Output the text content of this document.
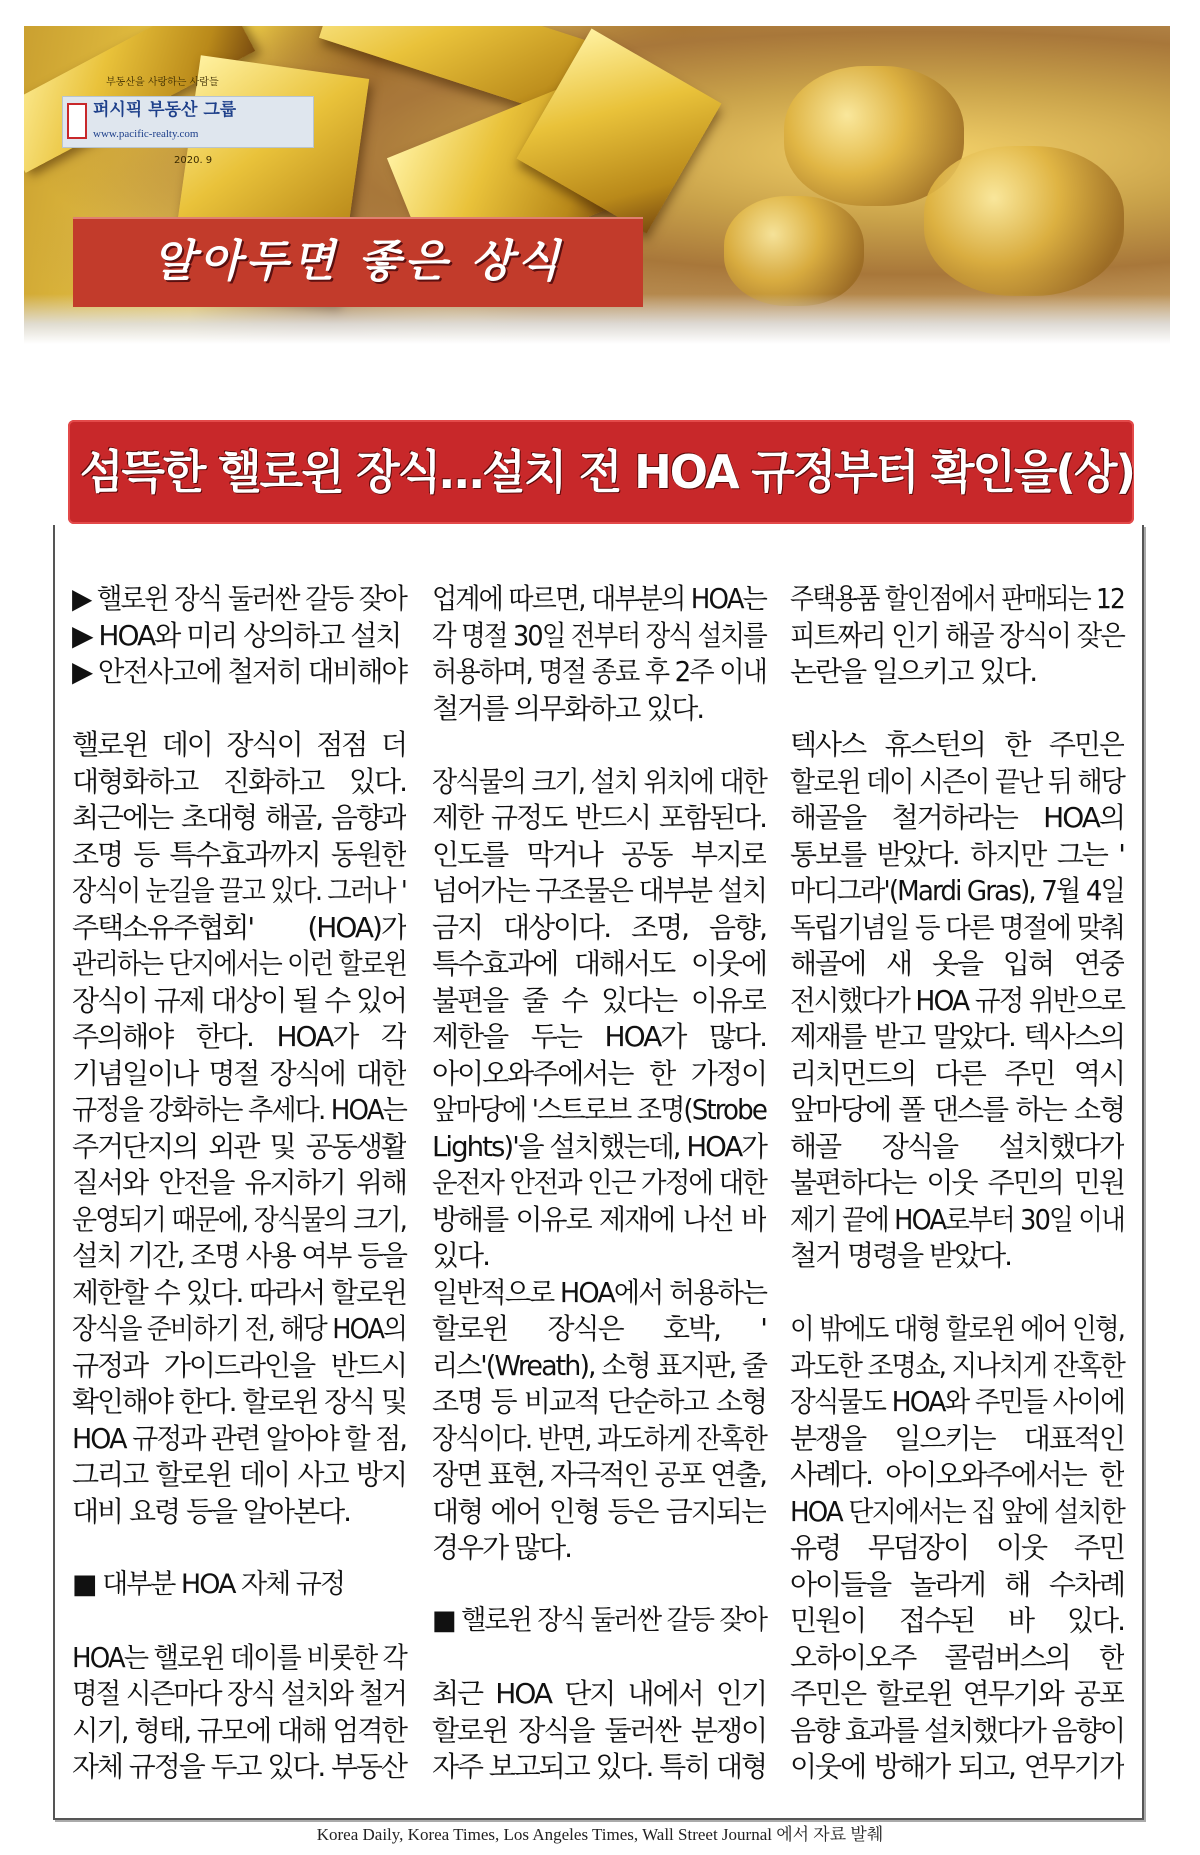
부동산을 사랑하는 사람들
퍼시픽 부동산 그룹
www.pacific-realty.com
2020. 9
알아두면 좋은 상식
섬뜩한 핼로윈 장식…설치 전 HOA 규정부터 확인을(상)
▶ 핼로윈 장식 둘러싼 갈등 잦아
▶ HOA와 미리 상의하고 설치
▶ 안전사고에 철저히 대비해야
핼로윈 데이 장식이 점점 더
대형화하고 진화하고 있다.
최근에는 초대형 해골, 음향과
조명 등 특수효과까지 동원한
장식이 눈길을 끌고 있다. 그러나 '
주택소유주협회' (HOA)가
관리하는 단지에서는 이런 할로윈
장식이 규제 대상이 될 수 있어
주의해야 한다. HOA가 각
기념일이나 명절 장식에 대한
규정을 강화하는 추세다. HOA는
주거단지의 외관 및 공동생활
질서와 안전을 유지하기 위해
운영되기 때문에, 장식물의 크기,
설치 기간, 조명 사용 여부 등을
제한할 수 있다. 따라서 할로윈
장식을 준비하기 전, 해당 HOA의
규정과 가이드라인을 반드시
확인해야 한다. 할로윈 장식 및
HOA 규정과 관련 알아야 할 점,
그리고 할로윈 데이 사고 방지
대비 요령 등을 알아본다.
■ 대부분 HOA 자체 규정
HOA는 핼로윈 데이를 비롯한 각
명절 시즌마다 장식 설치와 철거
시기, 형태, 규모에 대해 엄격한
자체 규정을 두고 있다. 부동산
업계에 따르면, 대부분의 HOA는
각 명절 30일 전부터 장식 설치를
허용하며, 명절 종료 후 2주 이내
철거를 의무화하고 있다.
장식물의 크기, 설치 위치에 대한
제한 규정도 반드시 포함된다.
인도를 막거나 공동 부지로
넘어가는 구조물은 대부분 설치
금지 대상이다. 조명, 음향,
특수효과에 대해서도 이웃에
불편을 줄 수 있다는 이유로
제한을 두는 HOA가 많다.
아이오와주에서는 한 가정이
앞마당에 '스트로브 조명(Strobe
Lights)'을 설치했는데, HOA가
운전자 안전과 인근 가정에 대한
방해를 이유로 제재에 나선 바
있다.
일반적으로 HOA에서 허용하는
할로윈 장식은 호박, '
리스'(Wreath), 소형 표지판, 줄
조명 등 비교적 단순하고 소형
장식이다. 반면, 과도하게 잔혹한
장면 표현, 자극적인 공포 연출,
대형 에어 인형 등은 금지되는
경우가 많다.
■ 핼로윈 장식 둘러싼 갈등 잦아
최근 HOA 단지 내에서 인기
할로윈 장식을 둘러싼 분쟁이
자주 보고되고 있다. 특히 대형
주택용품 할인점에서 판매되는 12
피트짜리 인기 해골 장식이 잦은
논란을 일으키고 있다.
텍사스 휴스턴의 한 주민은
할로윈 데이 시즌이 끝난 뒤 해당
해골을 철거하라는 HOA의
통보를 받았다. 하지만 그는 '
마디그라'(Mardi Gras), 7월 4일
독립기념일 등 다른 명절에 맞춰
해골에 새 옷을 입혀 연중
전시했다가 HOA 규정 위반으로
제재를 받고 말았다. 텍사스의
리치먼드의 다른 주민 역시
앞마당에 폴 댄스를 하는 소형
해골 장식을 설치했다가
불편하다는 이웃 주민의 민원
제기 끝에 HOA로부터 30일 이내
철거 명령을 받았다.
이 밖에도 대형 할로윈 에어 인형,
과도한 조명쇼, 지나치게 잔혹한
장식물도 HOA와 주민들 사이에
분쟁을 일으키는 대표적인
사례다. 아이오와주에서는 한
HOA 단지에서는 집 앞에 설치한
유령 무덤장이 이웃 주민
아이들을 놀라게 해 수차례
민원이 접수된 바 있다.
오하이오주 콜럼버스의 한
주민은 할로윈 연무기와 공포
음향 효과를 설치했다가 음향이
이웃에 방해가 되고, 연무기가
Korea Daily, Korea Times, Los Angeles Times, Wall Street Journal 에서 자료 발췌
